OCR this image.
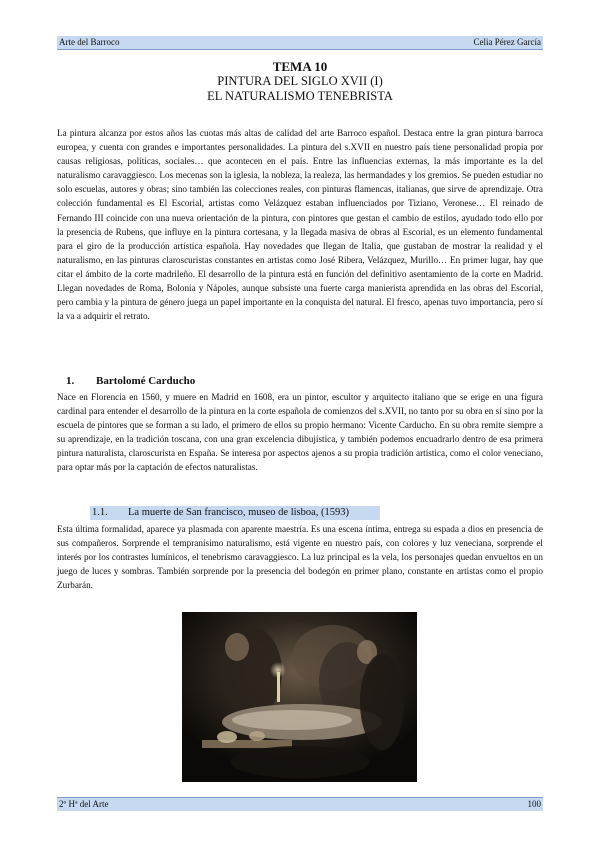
Arte del Barroco	Celia Pérez García
TEMA 10
PINTURA DEL SIGLO XVII (I)
EL NATURALISMO TENEBRISTA

La pintura alcanza por estos años las cuotas más altas de calidad del arte Barroco español. Destaca entre la gran pintura barroca europea, y cuenta con grandes e importantes personalidades. La pintura del s.XVII en nuestro país tiene personalidad propia por causas religiosas, políticas, sociales… que acontecen en el país. Entre las influencias externas, la más importante es la del naturalismo caravaggiesco. Los mecenas son la iglesia, la nobleza, la realeza, las hermandades y los gremios. Se pueden estudiar no solo escuelas, autores y obras; sino también las colecciones reales, con pinturas flamencas, italianas, que sirve de aprendizaje. Otra colección fundamental es El Escorial, artistas como Velázquez estaban influenciados por Tiziano, Veronese… El reinado de Fernando III coincide con una nueva orientación de la pintura, con pintores que gestan el cambio de estilos, ayudado todo ello por la presencia de Rubens, que influye en la pintura cortesana, y la llegada masiva de obras al Escorial, es un elemento fundamental para el giro de la producción artística española. Hay novedades que llegan de Italia, que gustaban de mostrar la realidad y el naturalismo, en las pinturas claroscuristas constantes en artistas como José Ribera, Velázquez, Murillo… En primer lugar, hay que citar el ámbito de la corte madrileño. El desarrollo de la pintura está en función del definitivo asentamiento de la corte en Madrid. Llegan novedades de Roma, Bolonia y Nápoles, aunque subsiste una fuerte carga manierista aprendida en las obras del Escorial, pero cambia y la pintura de género juega un papel importante en la conquista del natural. El fresco, apenas tuvo importancia, pero sí la va a adquirir el retrato.

1. Bartolomé Carducho

Nace en Florencia en 1560, y muere en Madrid en 1608, era un pintor, escultor y arquitecto italiano que se erige en una figura cardinal para entender el desarrollo de la pintura en la corte española de comienzos del s.XVII, no tanto por su obra en sí sino por la escuela de pintores que se forman a su lado, el primero de ellos su propio hermano: Vicente Carducho. En su obra remite siempre a su aprendizaje, en la tradición toscana, con una gran excelencia dibujística, y también podemos encuadrarlo dentro de esa primera pintura naturalista, claroscurista en España. Se interesa por aspectos ajenos a su propia tradición artística, como el color veneciano, para optar más por la captación de efectos naturalistas.

1.1. La muerte de San francisco, museo de lisboa, (1593)

Esta última formalidad, aparece ya plasmada con aparente maestría. Es una escena íntima, entrega su espada a dios en presencia de sus compañeros. Sorprende el tempranísimo naturalismo, está vigente en nuestro país, con colores y luz veneciana, sorprende el interés por los contrastes lumínicos, el tenebrismo caravaggiesco. La luz principal es la vela, los personajes quedan envueltos en un juego de luces y sombras. También sorprende por la presencia del bodegón en primer plano, constante en artistas como el propio Zurbarán.

2º Hª del Arte	100
